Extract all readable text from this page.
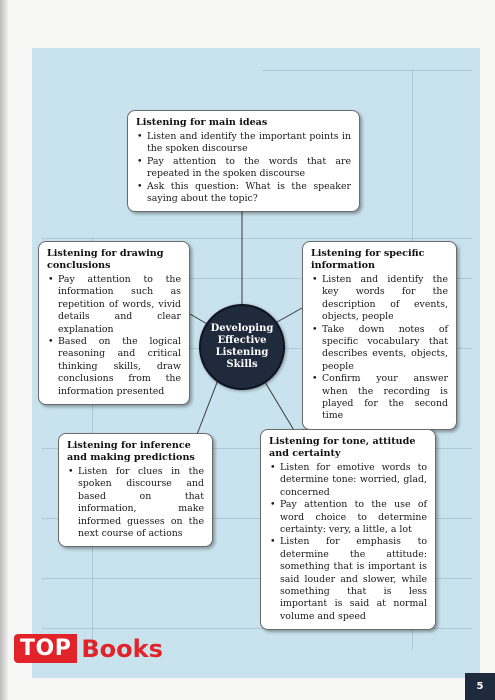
Listening for main ideas
• Listen and identify the important points in the spoken discourse
• Pay attention to the words that are repeated in the spoken discourse
• Ask this question: What is the speaker saying about the topic?
Listening for drawing conclusions
• Pay attention to the information such as repetition of words, vivid details and clear explanation
• Based on the logical reasoning and critical thinking skills, draw conclusions from the information presented
Listening for specific information
• Listen and identify the key words for the description of events, objects, people
• Take down notes of specific vocabulary that describes events, objects, people
• Confirm your answer when the recording is played for the second time
Developing Effective Listening Skills
Listening for inference and making predictions
• Listen for clues in the spoken discourse and based on that information, make informed guesses on the next course of actions
Listening for tone, attitude and certainty
• Listen for emotive words to determine tone: worried, glad, concerned
• Pay attention to the use of word choice to determine certainty: very, a little, a lot
• Listen for emphasis to determine the attitude: something that is important is said louder and slower, while something that is less important is said at normal volume and speed
TOP Books
5
